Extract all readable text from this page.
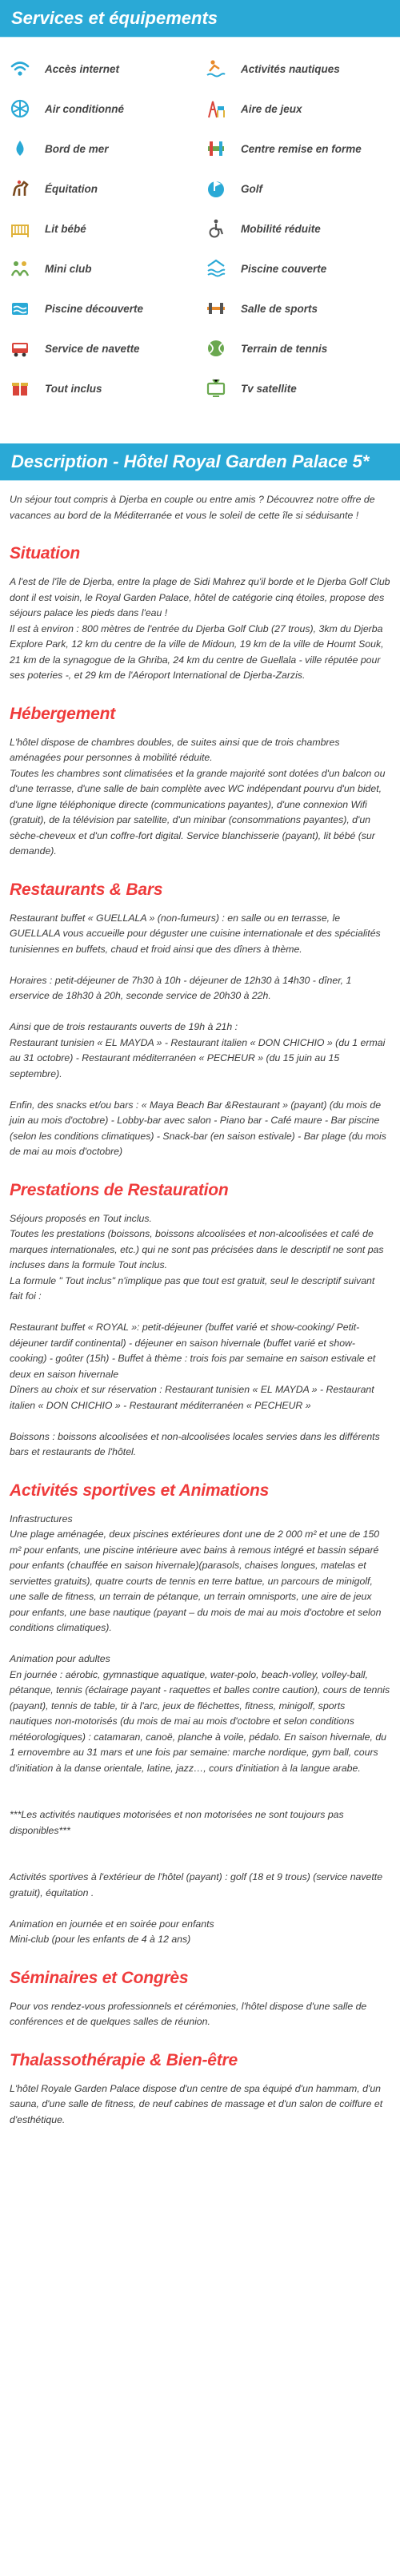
Services et équipements
Accès internet	Activités nautiques
Air conditionné	Aire de jeux
Bord de mer	Centre remise en forme
Équitation	Golf
Lit bébé	Mobilité réduite
Mini club	Piscine couverte
Piscine découverte	Salle de sports
Service de navette	Terrain de tennis
Tout inclus	Tv satellite
Description - Hôtel Royal Garden Palace 5*

Un séjour tout compris à Djerba en couple ou entre amis ? Découvrez notre offre de vacances au bord de la Méditerranée et vous le soleil de cette île si séduisante !

Situation

A l'est de l'île de Djerba, entre la plage de Sidi Mahrez qu'il borde et le Djerba Golf Club dont il est voisin, le Royal Garden Palace, hôtel de catégorie cinq étoiles, propose des séjours palace les pieds dans l'eau !
Il est à environ : 800 mètres de l'entrée du Djerba Golf Club (27 trous), 3km du Djerba Explore Park, 12 km du centre de la ville de Midoun, 19 km de la ville de Houmt Souk, 21 km de la synagogue de la Ghriba, 24 km du centre de Guellala - ville réputée pour ses poteries -, et 29 km de l'Aéroport International de Djerba-Zarzis.

Hébergement

L'hôtel dispose de chambres doubles, de suites ainsi que de trois chambres aménagées pour personnes à mobilité réduite.
Toutes les chambres sont climatisées et la grande majorité sont dotées d'un balcon ou d'une terrasse, d'une salle de bain complète avec WC indépendant pourvu d'un bidet, d'une ligne téléphonique directe (communications payantes), d'une connexion Wifi (gratuit), de la télévision par satellite, d'un minibar (consommations payantes), d'un sèche-cheveux et d'un coffre-fort digital. Service blanchisserie (payant), lit bébé (sur demande).

Restaurants & Bars

Restaurant buffet « GUELLALA » (non-fumeurs) : en salle ou en terrasse, le GUELLALA vous accueille pour déguster une cuisine internationale et des spécialités tunisiennes en buffets, chaud et froid ainsi que des dîners à thème.

Horaires : petit-déjeuner de 7h30 à 10h - déjeuner de 12h30 à 14h30 - dîner, 1 erservice de 18h30 à 20h, seconde service de 20h30 à 22h.

Ainsi que de trois restaurants ouverts de 19h à 21h :
Restaurant tunisien « EL MAYDA » - Restaurant italien « DON CHICHIO » (du 1 ermai au 31 octobre) - Restaurant méditerranéen « PECHEUR » (du 15 juin au 15 septembre).

Enfin, des snacks et/ou bars : « Maya Beach Bar &Restaurant » (payant) (du mois de juin au mois d'octobre) - Lobby-bar avec salon - Piano bar - Café maure - Bar piscine (selon les conditions climatiques) - Snack-bar (en saison estivale) - Bar plage (du mois de mai au mois d'octobre)

Prestations de Restauration

Séjours proposés en Tout inclus.
Toutes les prestations (boissons, boissons alcoolisées et non-alcoolisées et café de marques internationales, etc.) qui ne sont pas précisées dans le descriptif ne sont pas incluses dans la formule Tout inclus.
La formule " Tout inclus" n'implique pas que tout est gratuit, seul le descriptif suivant fait foi :

Restaurant buffet « ROYAL »: petit-déjeuner (buffet varié et show-cooking/ Petit-déjeuner tardif continental) - déjeuner en saison hivernale (buffet varié et show-cooking) - goûter (15h) - Buffet à thème : trois fois par semaine en saison estivale et deux en saison hivernale
Dîners au choix et sur réservation : Restaurant tunisien « EL MAYDA » - Restaurant italien « DON CHICHIO » - Restaurant méditerranéen « PECHEUR »

Boissons : boissons alcoolisées et non-alcoolisées locales servies dans les différents bars et restaurants de l'hôtel.

Activités sportives et Animations

Infrastructures
Une plage aménagée, deux piscines extérieures dont une de 2 000 m² et une de 150 m² pour enfants, une piscine intérieure avec bains à remous intégré et bassin séparé pour enfants (chauffée en saison hivernale)(parasols, chaises longues, matelas et serviettes gratuits), quatre courts de tennis en terre battue, un parcours de minigolf, une salle de fitness, un terrain de pétanque, un terrain omnisports, une aire de jeux pour enfants, une base nautique (payant – du mois de mai au mois d'octobre et selon conditions climatiques).

Animation pour adultes
En journée : aérobic, gymnastique aquatique, water-polo, beach-volley, volley-ball, pétanque, tennis (éclairage payant - raquettes et balles contre caution), cours de tennis (payant), tennis de table, tir à l'arc, jeux de fléchettes, fitness, minigolf, sports nautiques non-motorisés (du mois de mai au mois d'octobre et selon conditions météorologiques) : catamaran, canoë, planche à voile, pédalo. En saison hivernale, du 1 ernovembre au 31 mars et une fois par semaine: marche nordique, gym ball, cours d'initiation à la danse orientale, latine, jazz…, cours d'initiation à la langue arabe.

***Les activités nautiques motorisées et non motorisées ne sont toujours pas disponibles***

Activités sportives à l'extérieur de l'hôtel (payant) : golf (18 et 9 trous) (service navette gratuit), équitation .

Animation en journée et en soirée pour enfants
Mini-club (pour les enfants de 4 à 12 ans)

Séminaires et Congrès

Pour vos rendez-vous professionnels et cérémonies, l'hôtel dispose d'une salle de conférences et de quelques salles de réunion.

Thalassothérapie & Bien-être

L'hôtel Royale Garden Palace dispose d'un centre de spa équipé d'un hammam, d'un sauna, d'une salle de fitness, de neuf cabines de massage et d'un salon de coiffure et d'esthétique.
